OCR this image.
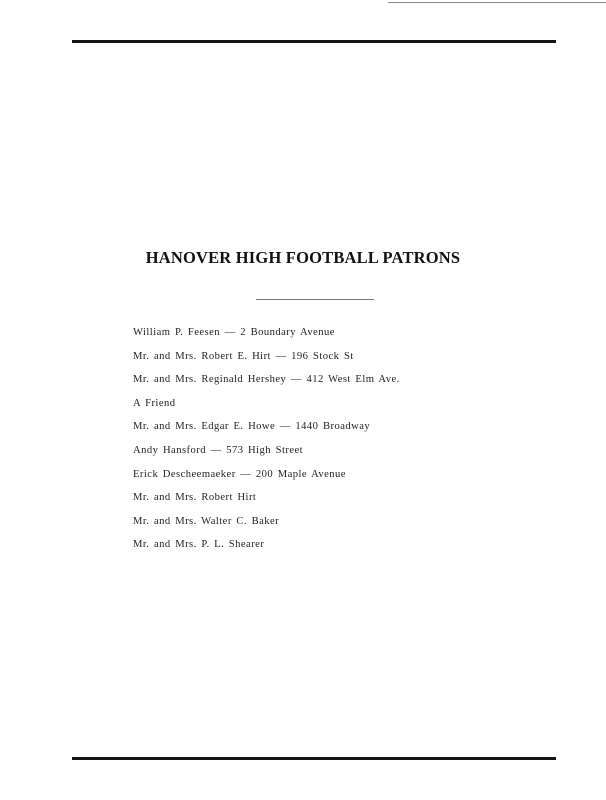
HANOVER HIGH FOOTBALL PATRONS
William P. Feesen — 2 Boundary Avenue
Mr. and Mrs. Robert E. Hirt — 196 Stock St
Mr. and Mrs. Reginald Hershey — 412 West Elm Ave.
A Friend
Mr. and Mrs. Edgar E. Howe — 1440 Broadway
Andy Hansford — 573 High Street
Erick Descheemaeker — 200 Maple Avenue
Mr. and Mrs. Robert Hirt
Mr. and Mrs. Walter C. Baker
Mr. and Mrs. P. L. Shearer
